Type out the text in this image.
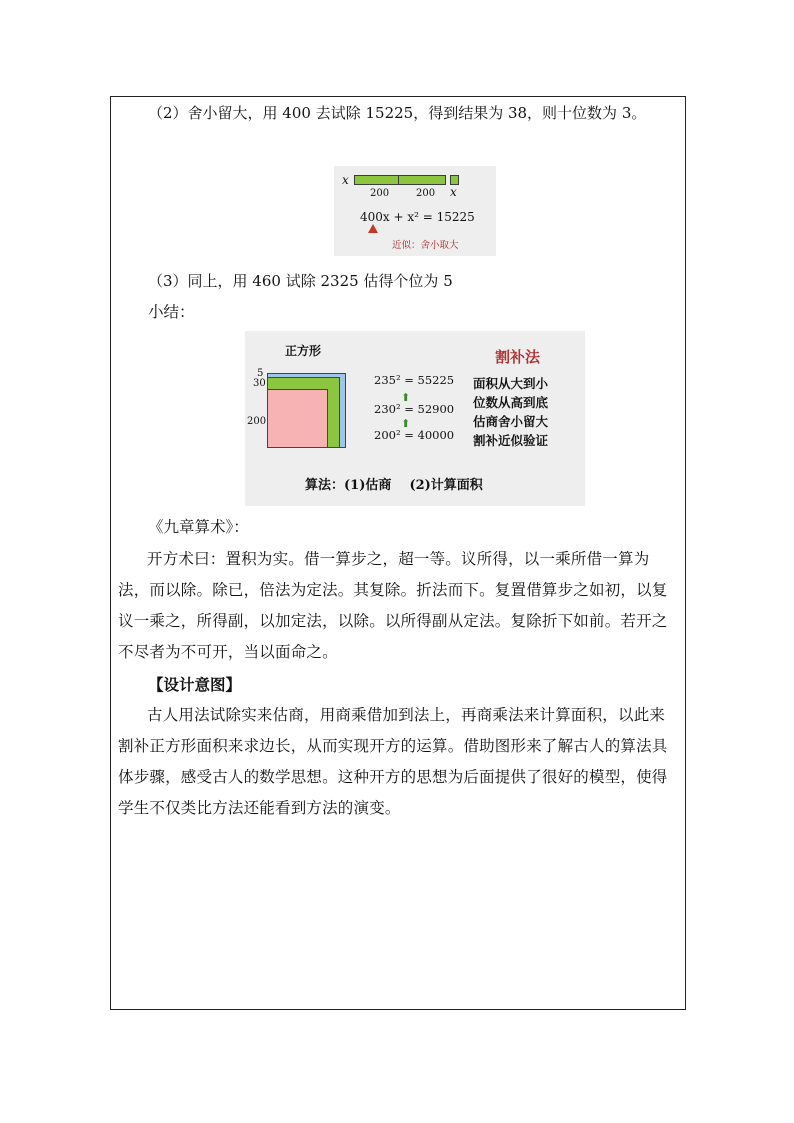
（2）舍小留大，用 400 去试除 15225，得到结果为 38，则十位数为 3。
x
200	200 x
400x + x² = 15225
近似：舍小取大
（3）同上，用 460 试除 2325 估得个位为 5
小结：
正方形
5
30
200
235² = 55225
⬆
230² = 52900
⬆
200² = 40000
割补法
面积从大到小
位数从高到底
估商舍小留大
割补近似验证
算法：(1)估商    (2)计算面积
《九章算术》：
开方术曰：置积为实。借一算步之，超一等。议所得，以一乘所借一算为法，而以除。除已，倍法为定法。其复除。折法而下。复置借算步之如初，以复议一乘之，所得副，以加定法，以除。以所得副从定法。复除折下如前。若开之不尽者为不可开，当以面命之。
【设计意图】
古人用法试除实来估商，用商乘借加到法上，再商乘法来计算面积，以此来割补正方形面积来求边长，从而实现开方的运算。借助图形来了解古人的算法具体步骤，感受古人的数学思想。这种开方的思想为后面提供了很好的模型，使得学生不仅类比方法还能看到方法的演变。
